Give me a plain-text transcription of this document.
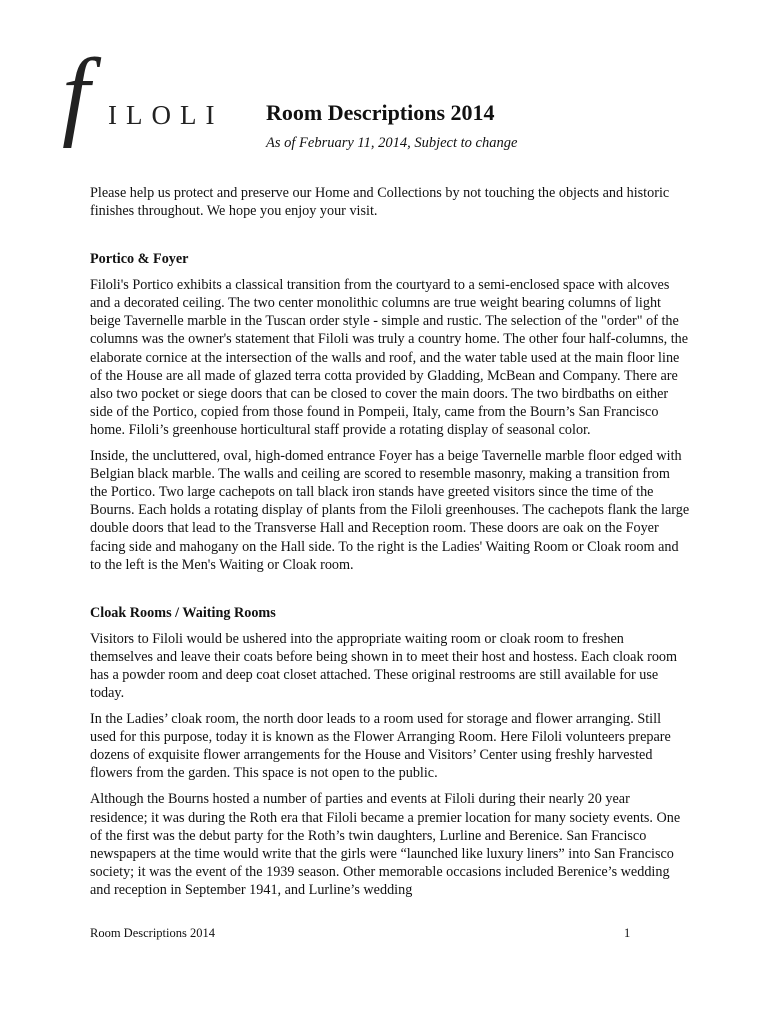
f ILOLI Room Descriptions 2014

As of February 11, 2014, Subject to change

Please help us protect and preserve our Home and Collections by not touching the objects and historic finishes throughout. We hope you enjoy your visit.

Portico & Foyer

Filoli's Portico exhibits a classical transition from the courtyard to a semi-enclosed space with alcoves and a decorated ceiling. The two center monolithic columns are true weight bearing columns of light beige Tavernelle marble in the Tuscan order style - simple and rustic. The selection of the "order" of the columns was the owner's statement that Filoli was truly a country home. The other four half-columns, the elaborate cornice at the intersection of the walls and roof, and the water table used at the main floor line of the House are all made of glazed terra cotta provided by Gladding, McBean and Company. There are also two pocket or siege doors that can be closed to cover the main doors. The two birdbaths on either side of the Portico, copied from those found in Pompeii, Italy, came from the Bourn’s San Francisco home. Filoli’s greenhouse horticultural staff provide a rotating display of seasonal color.

Inside, the uncluttered, oval, high-domed entrance Foyer has a beige Tavernelle marble floor edged with Belgian black marble. The walls and ceiling are scored to resemble masonry, making a transition from the Portico. Two large cachepots on tall black iron stands have greeted visitors since the time of the Bourns. Each holds a rotating display of plants from the Filoli greenhouses. The cachepots flank the large double doors that lead to the Transverse Hall and Reception room. These doors are oak on the Foyer facing side and mahogany on the Hall side. To the right is the Ladies' Waiting Room or Cloak room and to the left is the Men's Waiting or Cloak room.

Cloak Rooms / Waiting Rooms

Visitors to Filoli would be ushered into the appropriate waiting room or cloak room to freshen themselves and leave their coats before being shown in to meet their host and hostess. Each cloak room has a powder room and deep coat closet attached. These original restrooms are still available for use today.

In the Ladies’ cloak room, the north door leads to a room used for storage and flower arranging. Still used for this purpose, today it is known as the Flower Arranging Room. Here Filoli volunteers prepare dozens of exquisite flower arrangements for the House and Visitors’ Center using freshly harvested flowers from the garden. This space is not open to the public.

Although the Bourns hosted a number of parties and events at Filoli during their nearly 20 year residence; it was during the Roth era that Filoli became a premier location for many society events. One of the first was the debut party for the Roth’s twin daughters, Lurline and Berenice. San Francisco newspapers at the time would write that the girls were “launched like luxury liners” into San Francisco society; it was the event of the 1939 season. Other memorable occasions included Berenice’s wedding and reception in September 1941, and Lurline’s wedding

Room Descriptions 2014	1
